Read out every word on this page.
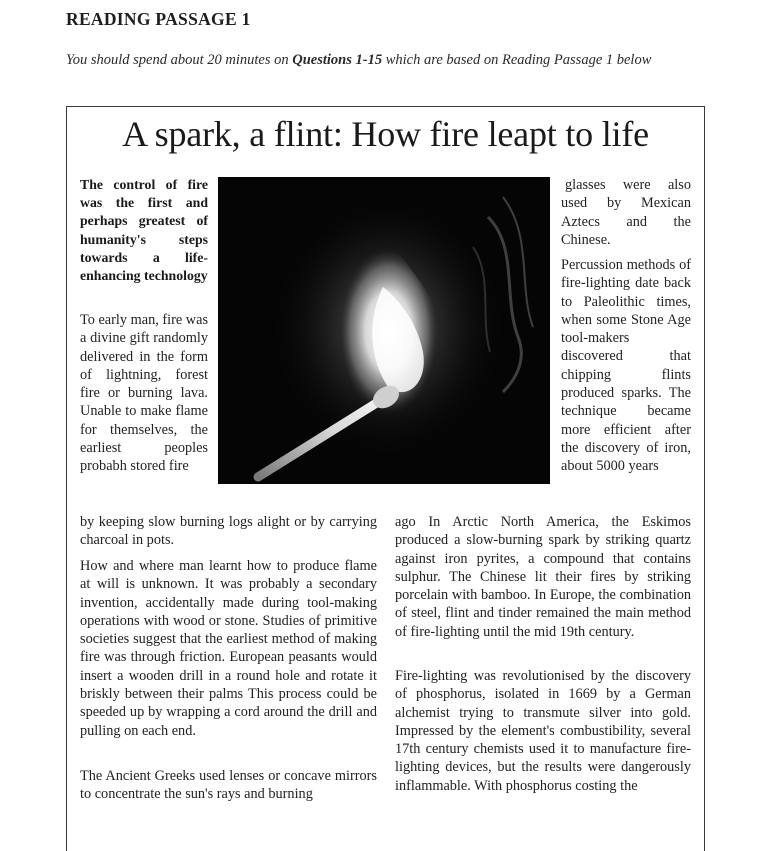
READING PASSAGE 1
You should spend about 20 minutes on Questions 1-15 which are based on Reading Passage 1 below
A spark, a flint: How fire leapt to life
The control of fire was the first and perhaps greatest of humanity's steps towards a life-enhancing technology
To early man, fire was a divine gift randomly delivered in the form of lightning, forest fire or burning lava. Unable to make flame for themselves, the earliest peoples probabh stored fire
by keeping slow burning logs alight or by carrying charcoal in pots.
How and where man learnt how to produce flame at will is unknown. It was probably a secondary invention, accidentally made during tool-making operations with wood or stone. Studies of primitive societies suggest that the earliest method of making fire was through friction. European peasants would insert a wooden drill in a round hole and rotate it briskly between their palms This process could be speeded up by wrapping a cord around the drill and pulling on each end.
The Ancient Greeks used lenses or concave mirrors to concentrate the sun's rays and burning
glasses were also used by Mexican Aztecs and the Chinese.
Percussion methods of fire-lighting date back to Paleolithic times, when some Stone Age tool-makers discovered that chipping flints produced sparks. The technique became more efficient after the discovery of iron, about 5000 years
ago In Arctic North America, the Eskimos produced a slow-burning spark by striking quartz against iron pyrites, a compound that contains sulphur. The Chinese lit their fires by striking porcelain with bamboo. In Europe, the combination of steel, flint and tinder remained the main method of fire-lighting until the mid 19th century.
Fire-lighting was revolutionised by the discovery of phosphorus, isolated in 1669 by a German alchemist trying to transmute silver into gold. Impressed by the element's combustibility, several 17th century chemists used it to manufacture fire-lighting devices, but the results were dangerously inflammable. With phosphorus costing the
